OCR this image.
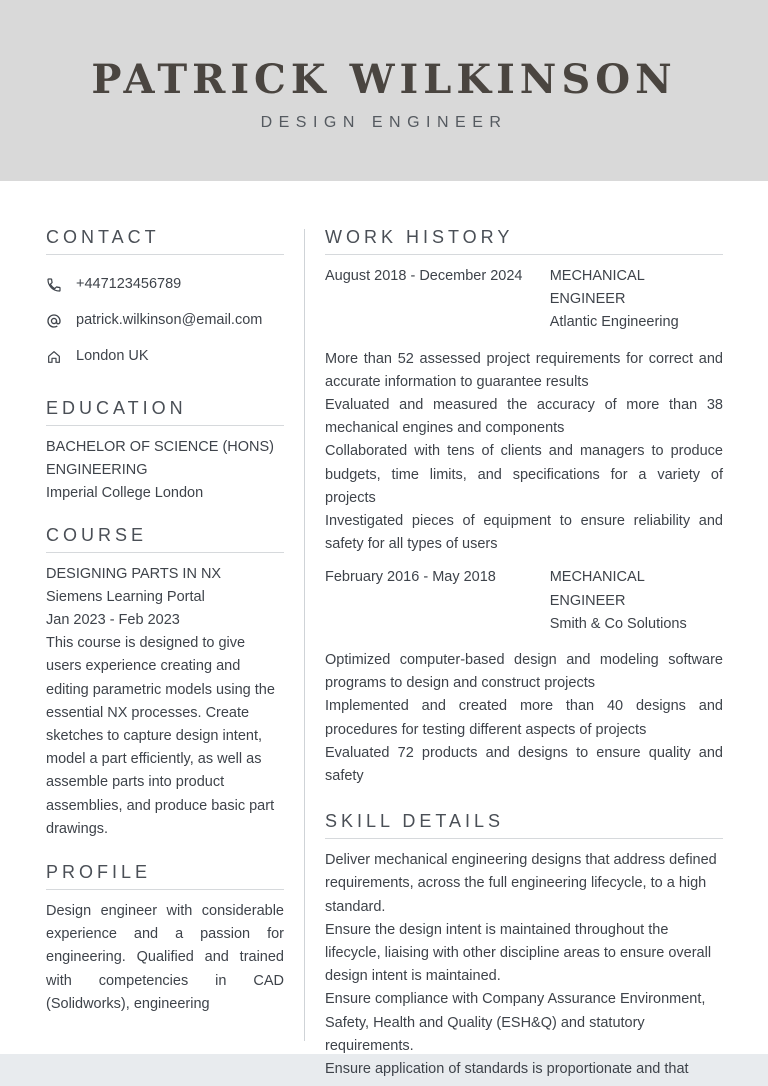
PATRICK WILKINSON
DESIGN ENGINEER
CONTACT
+447123456789
patrick.wilkinson@email.com
London UK
EDUCATION
BACHELOR OF SCIENCE (HONS) ENGINEERING
Imperial College London
COURSE
DESIGNING PARTS IN NX
Siemens Learning Portal
Jan 2023 - Feb 2023
This course is designed to give users experience creating and editing parametric models using the essential NX processes. Create sketches to capture design intent, model a part efficiently, as well as assemble parts into product assemblies, and produce basic part drawings.
PROFILE
Design engineer with considerable experience and a passion for engineering. Qualified and trained with competencies in CAD (Solidworks), engineering
WORK HISTORY
August 2018 - December 2024	MECHANICAL ENGINEER
Atlantic Engineering
More than 52 assessed project requirements for correct and accurate information to guarantee results
Evaluated and measured the accuracy of more than 38 mechanical engines and components
Collaborated with tens of clients and managers to produce budgets, time limits, and specifications for a variety of projects
Investigated pieces of equipment to ensure reliability and safety for all types of users
February 2016 - May 2018	MECHANICAL ENGINEER
Smith & Co Solutions
Optimized computer-based design and modeling software programs to design and construct projects
Implemented and created more than 40 designs and procedures for testing different aspects of projects
Evaluated 72 products and designs to ensure quality and safety
SKILL DETAILS
Deliver mechanical engineering designs that address defined requirements, across the full engineering lifecycle, to a high standard.
Ensure the design intent is maintained throughout the lifecycle, liaising with other discipline areas to ensure overall design intent is maintained.
Ensure compliance with Company Assurance Environment, Safety, Health and Quality (ESH&Q) and statutory requirements.
Ensure application of standards is proportionate and that
